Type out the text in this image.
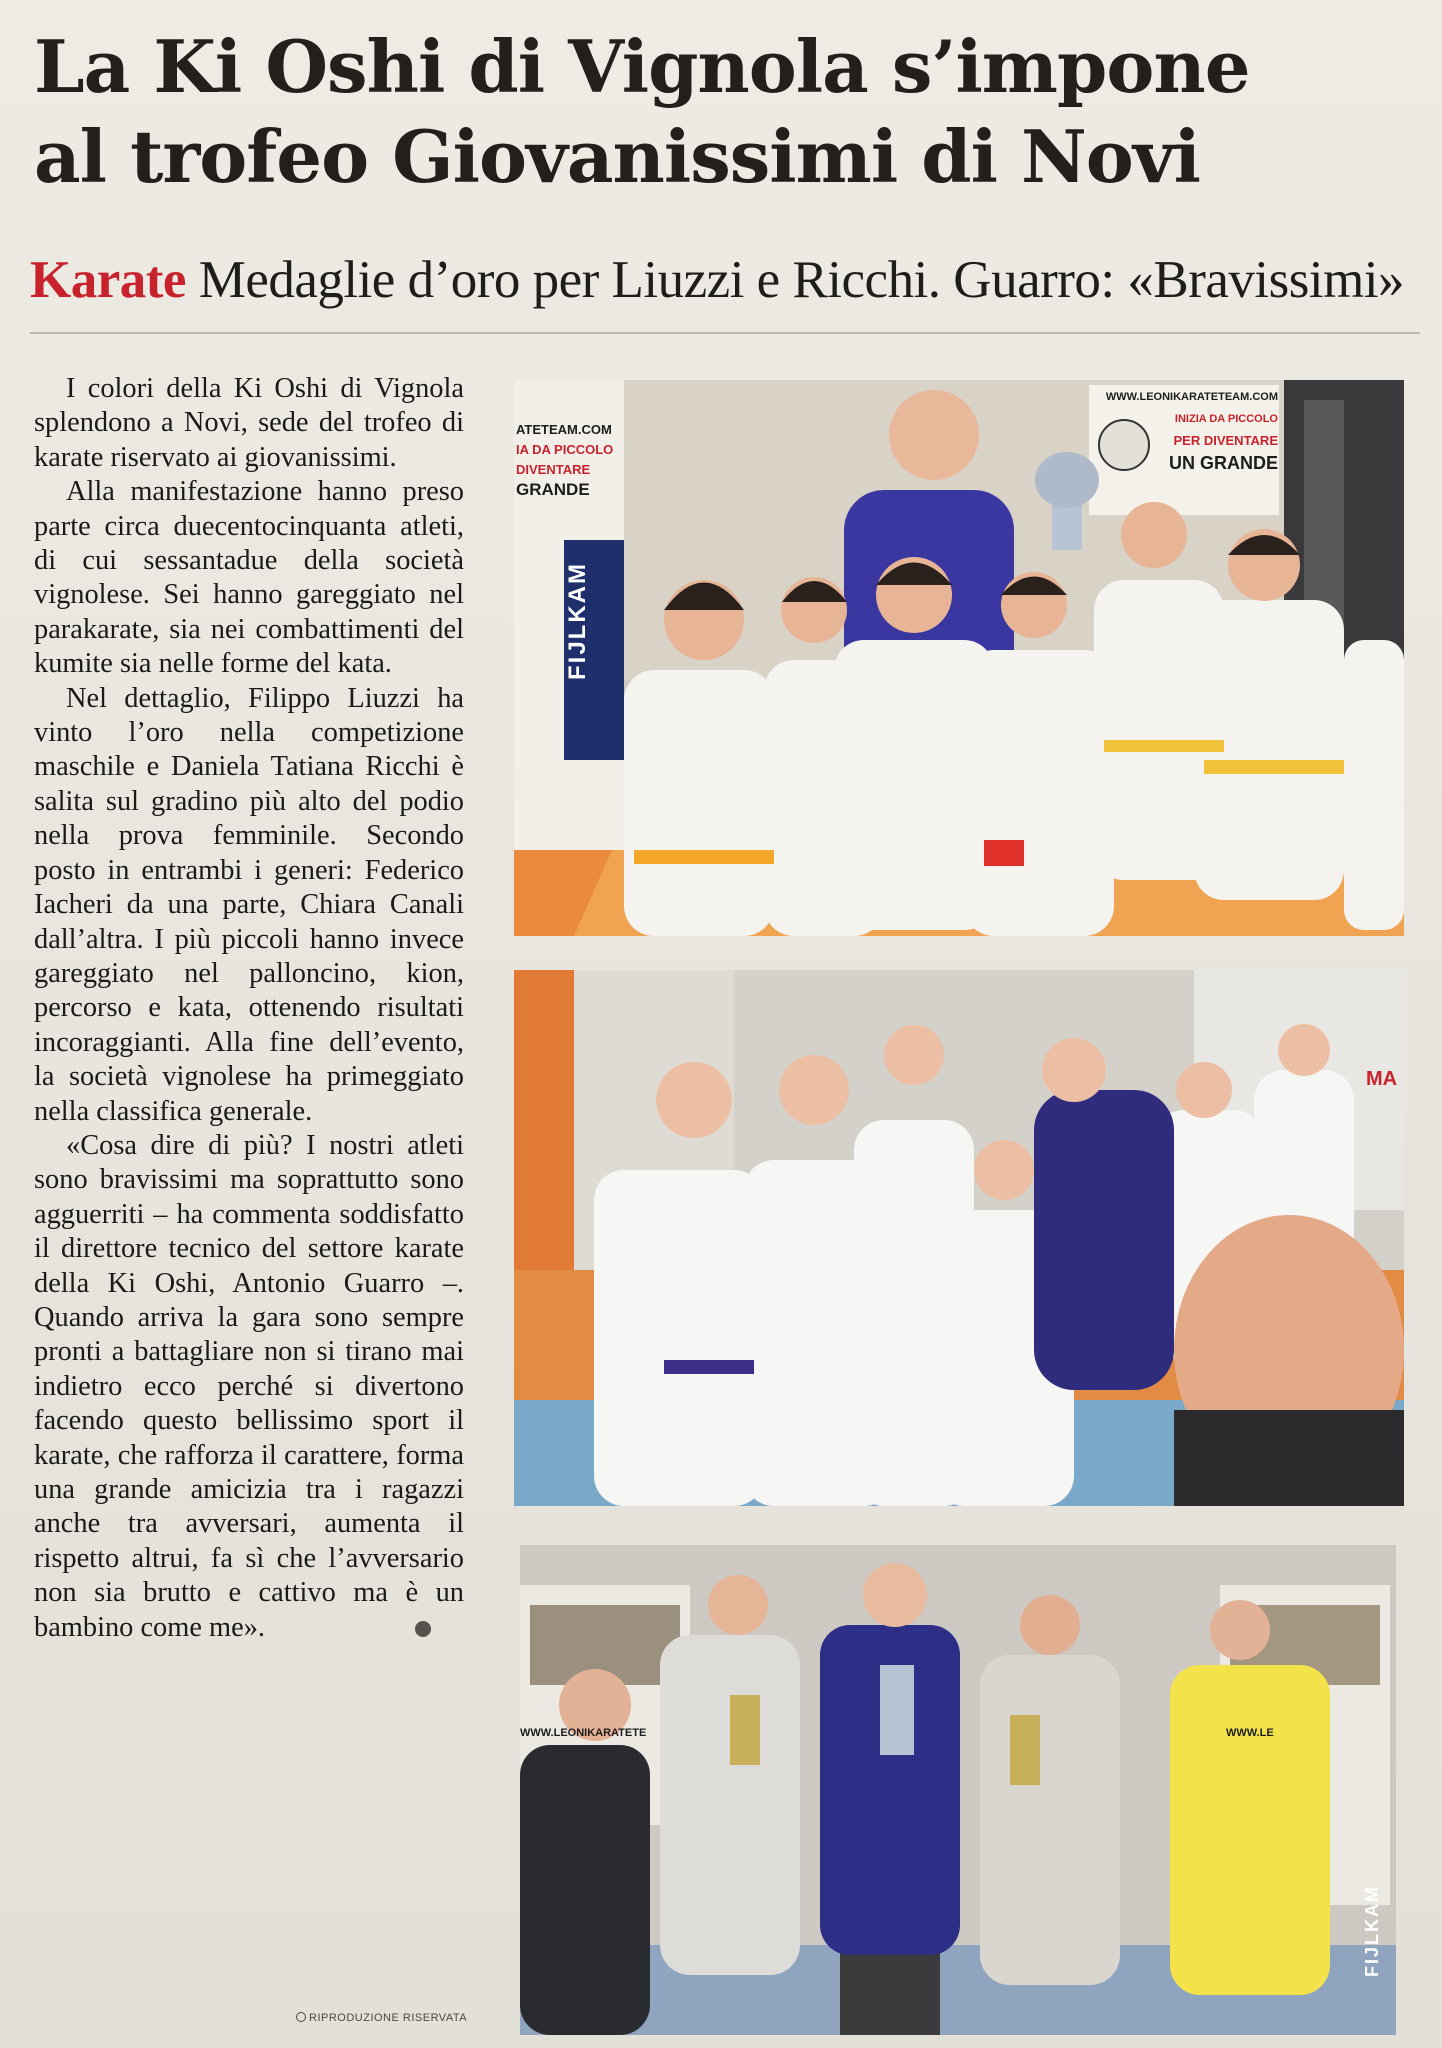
La Ki Oshi di Vignola s’impone
al trofeo Giovanissimi di Novi
Karate Medaglie d’oro per Liuzzi e Ricchi. Guarro: «Bravissimi»

I colori della Ki Oshi di Vignola splendono a Novi, sede del trofeo di karate riservato ai giovanissimi.

Alla manifestazione hanno preso parte circa duecentocinquanta atleti, di cui sessantadue della società vignolese. Sei hanno gareggiato nel parakarate, sia nei combattimenti del kumite sia nelle forme del kata.

Nel dettaglio, Filippo Liuzzi ha vinto l’oro nella competizione maschile e Daniela Tatiana Ricchi è salita sul gradino più alto del podio nella prova femminile. Secondo posto in entrambi i generi: Federico Iacheri da una parte, Chiara Canali dall’altra. I più piccoli hanno invece gareggiato nel palloncino, kion, percorso e kata, ottenendo risultati incoraggianti. Alla fine dell’evento, la società vignolese ha primeggiato nella classifica generale.

«Cosa dire di più? I nostri atleti sono bravissimi ma soprattutto sono agguerriti – ha commenta soddisfatto il direttore tecnico del settore karate della Ki Oshi, Antonio Guarro –. Quando arriva la gara sono sempre pronti a battagliare non si tirano mai indietro ecco perché si divertono facendo questo bellissimo sport il karate, che rafforza il carattere, forma una grande amicizia tra i ragazzi anche tra avversari, aumenta il rispetto altrui, fa sì che l’avversario non sia brutto e cattivo ma è un bambino come me».

RIPRODUZIONE RISERVATA
ATETEAM.COM
IA DA PICCOLO
DIVENTARE
GRANDE
FIJLKAM
WWW.LEONIKARATETEAM.COM
INIZIA DA PICCOLO
PER DIVENTARE
UN GRANDE
MA
WWW.LEONIKARATETE	WWW.LE
FIJLKAM
